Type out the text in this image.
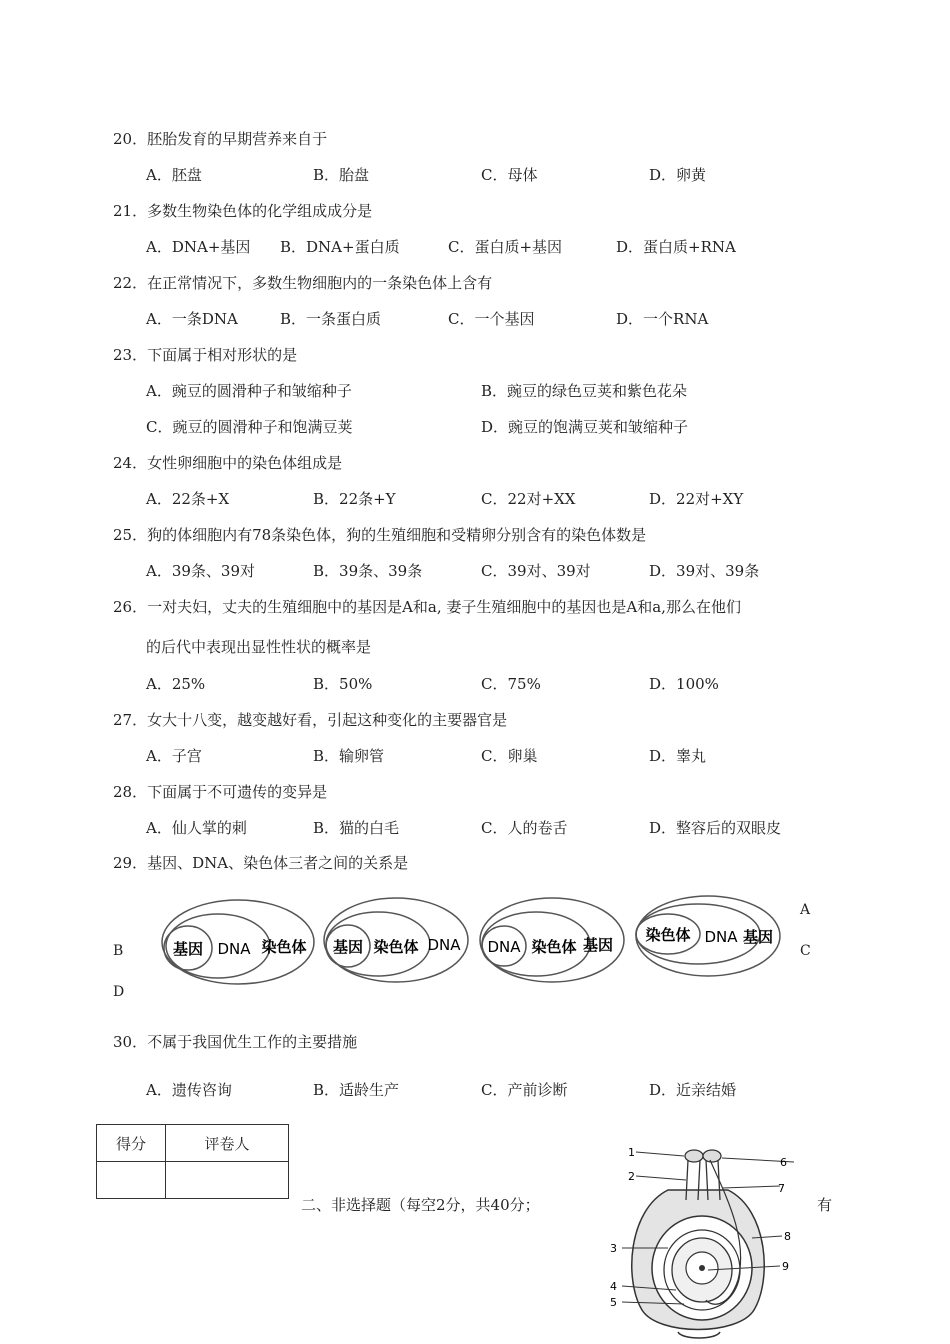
20．胚胎发育的早期营养来自于
A．胚盘	B．胎盘	C．母体	D．卵黄
21．多数生物染色体的化学组成成分是
A．DNA+基因 B．DNA+蛋白质	C．蛋白质+基因	D．蛋白质+RNA
22．在正常情况下，多数生物细胞内的一条染色体上含有
A．一条DNA	B．一条蛋白质	C．一个基因	D．一个RNA
23．下面属于相对形状的是
A．豌豆的圆滑种子和皱缩种子	B．豌豆的绿色豆荚和紫色花朵
C．豌豆的圆滑种子和饱满豆荚	D．豌豆的饱满豆荚和皱缩种子
24．女性卵细胞中的染色体组成是
A．22条+X	B．22条+Y	C．22对+XX	D．22对+XY
25．狗的体细胞内有78条染色体，狗的生殖细胞和受精卵分别含有的染色体数是
A．39条、39对	B．39条、39条	C．39对、39对	D．39对、39条
26．一对夫妇，丈夫的生殖细胞中的基因是A和a, 妻子生殖细胞中的基因也是A和a,那么在他们
的后代中表现出显性性状的概率是
A．25%	B．50%	C．75%	D．100%
27．女大十八变，越变越好看，引起这种变化的主要器官是
A．子宫	B．输卵管	C．卵巢	D．睾丸
28．下面属于不可遗传的变异是
A．仙人掌的刺	B．猫的白毛	C．人的卷舌	D．整容后的双眼皮
29．基因、DNA、染色体三者之间的关系是
A
B	C
D
基因 DNA 染色体 基因 染色体 DNA DNA 染色体 基因
染色体 DNA 基因
30．不属于我国优生工作的主要措施
A．遗传咨询	B．适龄生产	C．产前诊断	D．近亲结婚
得分	评卷人

二、非选择题（每空2分，共40分；	有
1
2
3
4
5
6
7
8
9
